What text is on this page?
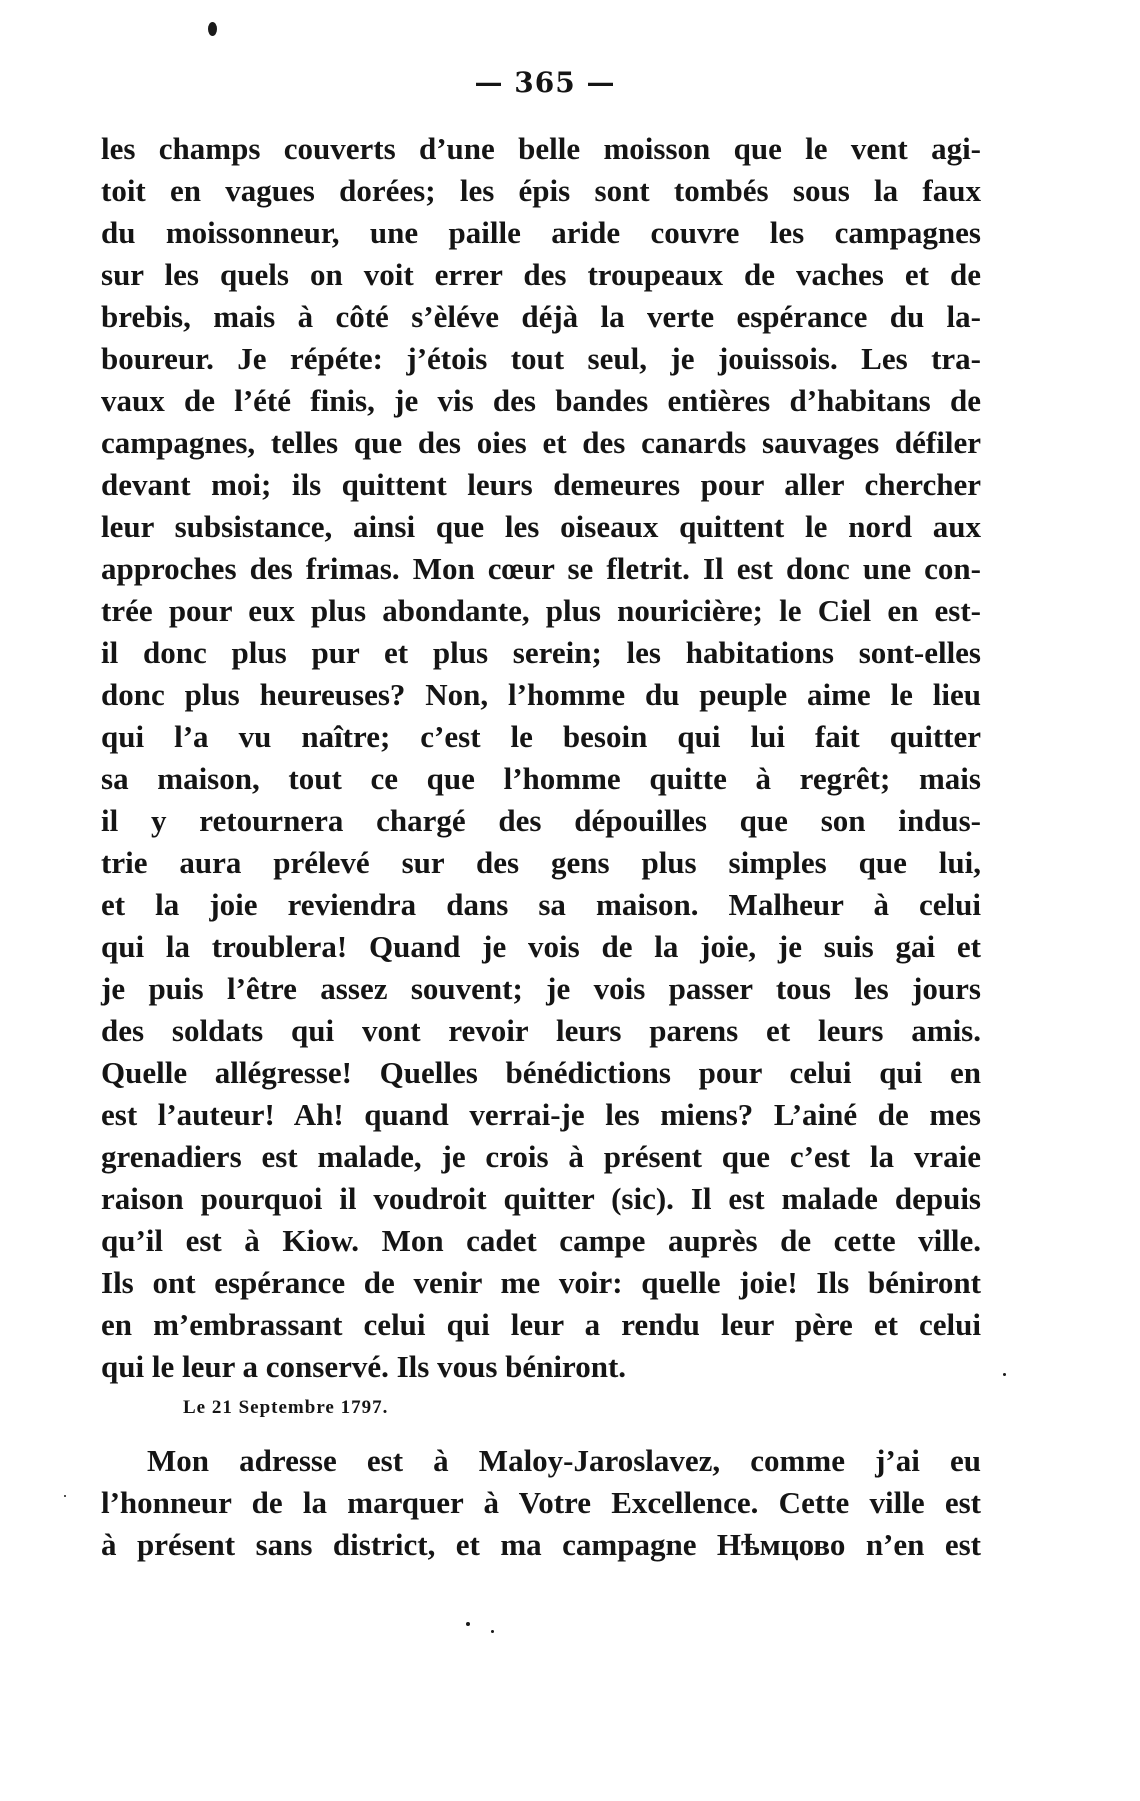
— 365 —
les champs couverts d’une belle moisson que le vent agi-
toit en vagues dorées; les épis sont tombés sous la faux
du moissonneur, une paille aride couvre les campagnes
sur les quels on voit errer des troupeaux de vaches et de
brebis, mais à côté s’èléve déjà la verte espérance du la-
boureur. Je répéte: j’étois tout seul, je jouissois. Les tra-
vaux de l’été finis, je vis des bandes entières d’habitans de
campagnes, telles que des oies et des canards sauvages défiler
devant moi; ils quittent leurs demeures pour aller chercher
leur subsistance, ainsi que les oiseaux quittent le nord aux
approches des frimas. Mon cœur se fletrit. Il est donc une con-
trée pour eux plus abondante, plus nouricière; le Ciel en est-
il donc plus pur et plus serein; les habitations sont-elles
donc plus heureuses? Non, l’homme du peuple aime le lieu
qui l’a vu naître; c’est le besoin qui lui fait quitter
sa maison, tout ce que l’homme quitte à regrêt; mais
il y retournera chargé des dépouilles que son indus-
trie aura prélevé sur des gens plus simples que lui,
et la joie reviendra dans sa maison. Malheur à celui
qui la troublera! Quand je vois de la joie, je suis gai et
je puis l’être assez souvent; je vois passer tous les jours
des soldats qui vont revoir leurs parens et leurs amis.
Quelle allégresse! Quelles bénédictions pour celui qui en
est l’auteur! Ah! quand verrai-je les miens? L’ainé de mes
grenadiers est malade, je crois à présent que c’est la vraie
raison pourquoi il voudroit quitter (sic). Il est malade depuis
qu’il est à Kiow. Mon cadet campe auprès de cette ville.
Ils ont espérance de venir me voir: quelle joie! Ils béniront
en m’embrassant celui qui leur a rendu leur père et celui
qui le leur a conservé. Ils vous béniront.
Le 21 Septembre 1797.
Mon adresse est à Maloy-Jaroslavez, comme j’ai eu
l’honneur de la marquer à Votre Excellence. Cette ville est
à présent sans district, et ma campagne Нѣмцово n’en est
